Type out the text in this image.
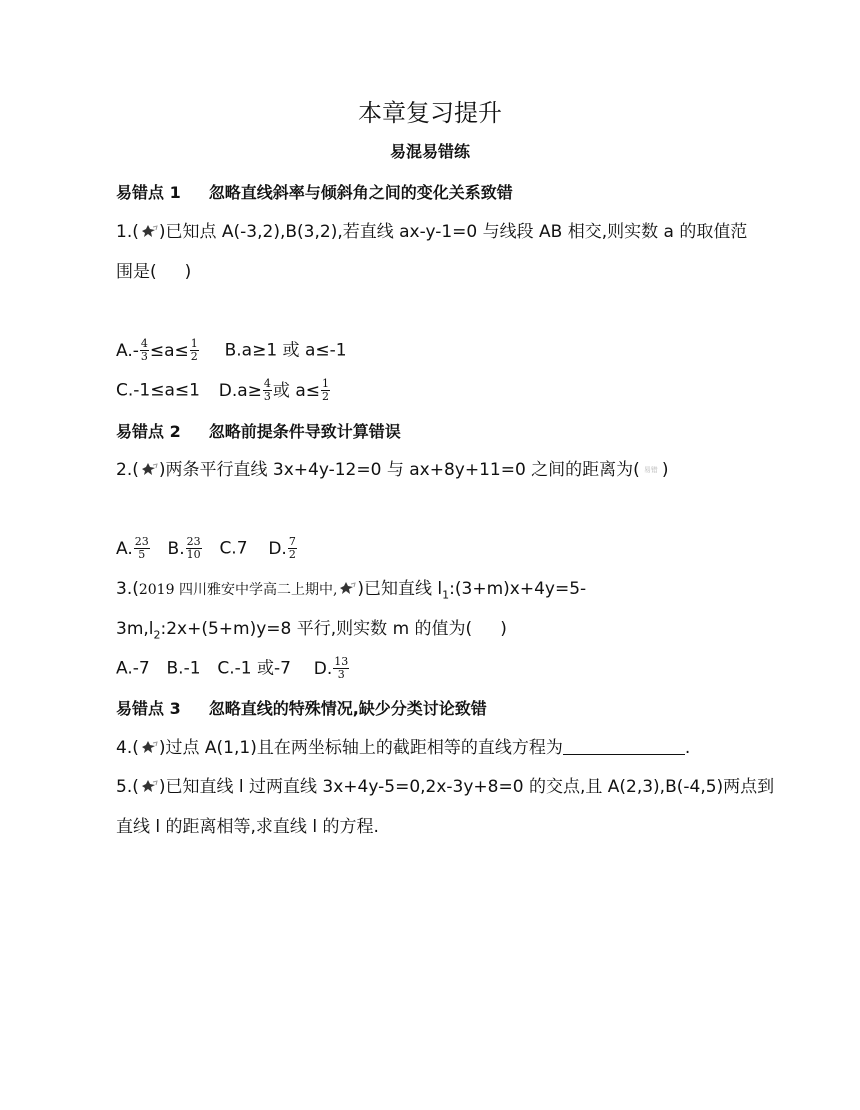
本章复习提升
易混易错练
易错点 1 忽略直线斜率与倾斜角之间的变化关系致错
1.( )已知点 A(-3,2),B(3,2),若直线 ax-y-1=0 与线段 AB 相交,则实数 a 的取值范
围是( )
$A.- \frac{4}{3} \le a\le \frac{1}{2} B.a\ge 1$ 或 a≤-1
C.-1≤a≤1 $D.a\ge \frac{4}{3}$ 或 $a\le \frac{1}{2}$
易错点 2 忽略前提条件导致计算错误
2.( )两条平行直线 3x+4y-12=0 与 ax+8y+11=0 之间的距离为( 易错 )
A. $\frac{23}{5} B$. $\frac{23}{10} C.7$ D. $\frac{7}{2}$
3.(2019 四川雅安中学高二上期中, )已知直线 $l_1:(3+m)x+4y=5-$
$3m,l_2:2x+(5+m)y=8$ 平行,则实数 m 的值为( )
A.-7 B.-1 C.-1 或-7 D. $\frac{13}{3}$
易错点 3 忽略直线的特殊情况,缺少分类讨论致错
4.( )过点 A(1,1)且在两坐标轴上的截距相等的直线方程为	.
5.( )已知直线 l 过两直线 3x+4y-5=0,2x-3y+8=0 的交点,且 A(2,3),B(-4,5)两点到
直线 l 的距离相等,求直线 l 的方程.
